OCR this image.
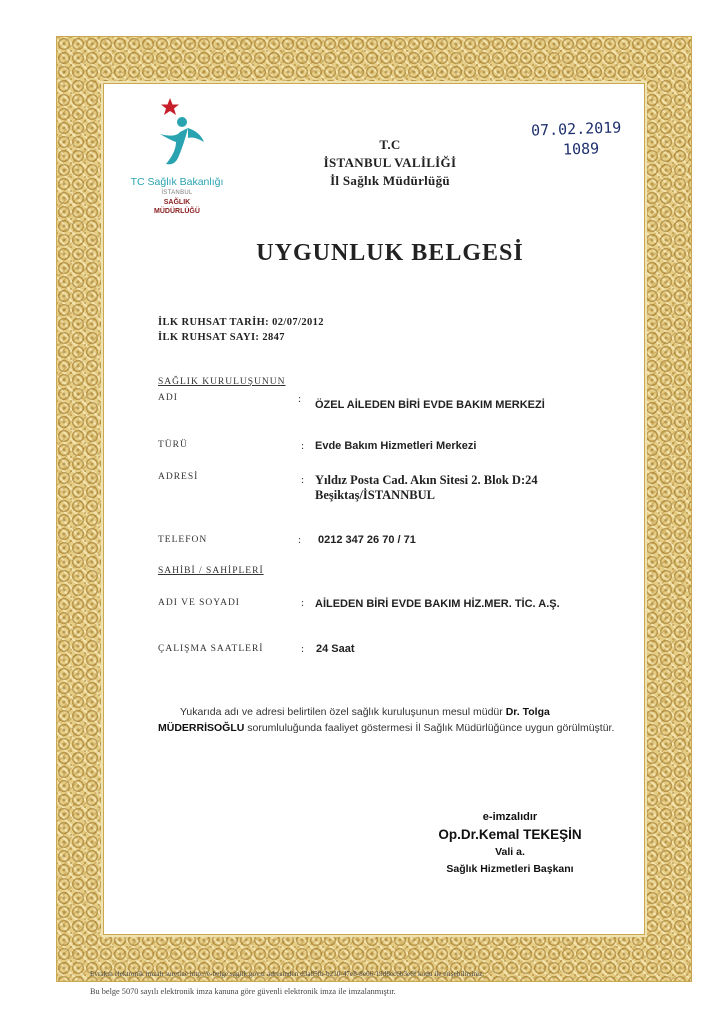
TC Sağlık Bakanlığı
İSTANBUL
SAĞLIK
MÜDÜRLÜĞÜ
T.C
İSTANBUL VALİLİĞİ
İl Sağlık Müdürlüğü
07.02.2019
1089
UYGUNLUK BELGESİ
İLK RUHSAT TARİH: 02/07/2012
İLK RUHSAT SAYI: 2847
SAĞLIK KURULUŞUNUN
ADI	: ÖZEL AİLEDEN BİRİ EVDE BAKIM MERKEZİ
TÜRÜ	: Evde Bakım Hizmetleri Merkezi
ADRESİ	: Yıldız Posta Cad. Akın Sitesi 2. Blok D:24
Beşiktaş/İSTANNBUL
TELEFON	: 0212 347 26 70 / 71
SAHİBİ / SAHİPLERİ
ADI VE SOYADI	: AİLEDEN BİRİ EVDE BAKIM HİZ.MER. TİC. A.Ş.
ÇALIŞMA SAATLERİ	: 24 Saat
Yukarıda adı ve adresi belirtilen özel sağlık kuruluşunun mesul müdür Dr. Tolga MÜDERRİSOĞLU sorumluluğunda faaliyet göstermesi İl Sağlık Müdürlüğünce uygun görülmüştür.
e-imzalıdır
Op.Dr.Kemal TEKEŞİN
Vali a.
Sağlık Hizmetleri Başkanı
Evrakın elektronik imzalı suretine http://e-belge.saglik.gov.tr adresinden d3a85fb-b210-47e8-8e66-19d8ec6b3e6f kodu ile erişebilirsiniz.
Bu belge 5070 sayılı elektronik imza kanuna göre güvenli elektronik imza ile imzalanmıştır.
